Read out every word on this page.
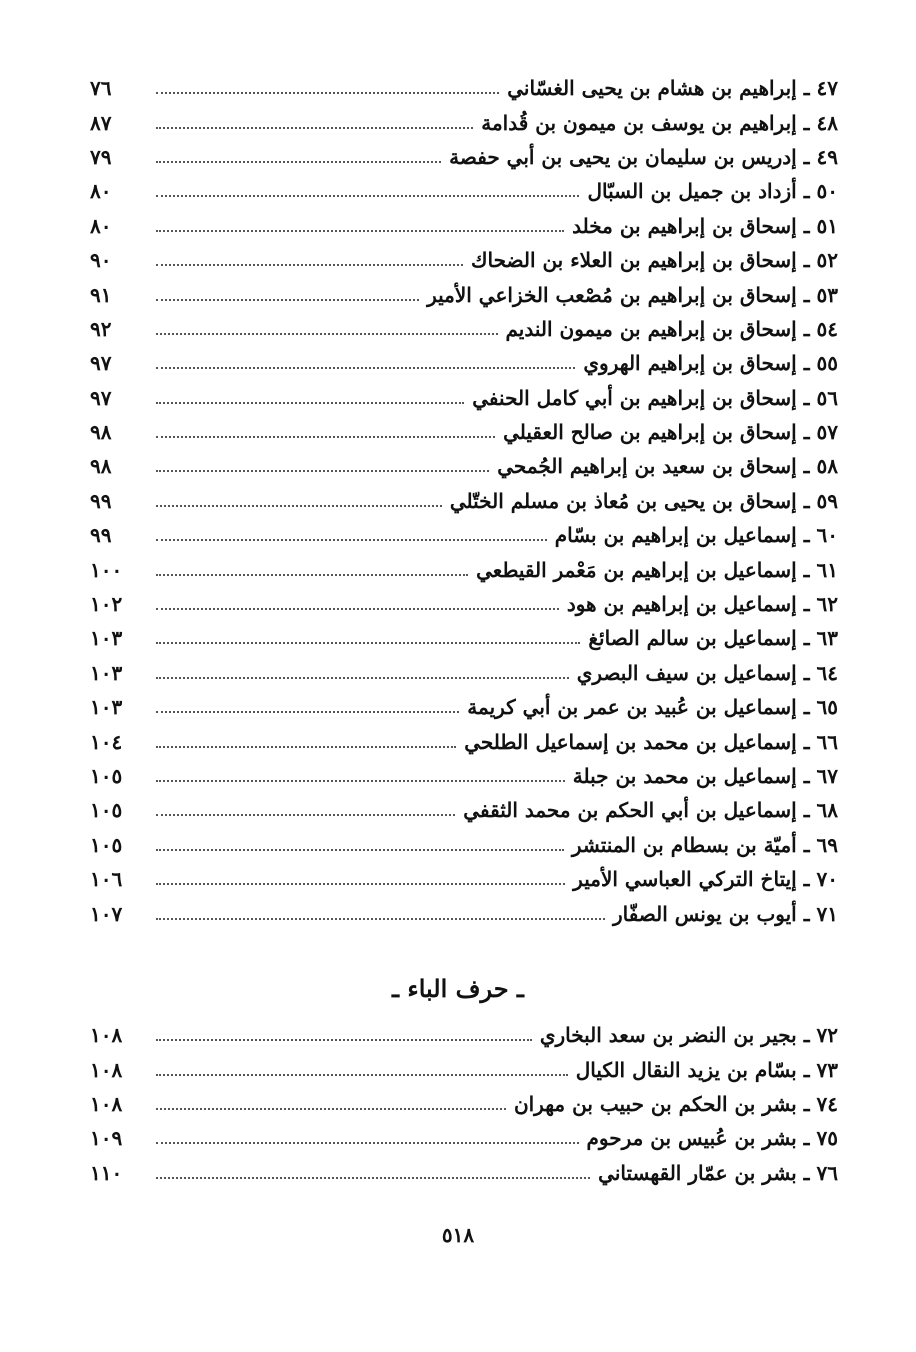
٤٧ ـ إبراهيم بن هشام بن يحيى الغسّاني
٧٦
٤٨ ـ إبراهيم بن يوسف بن ميمون بن قُدامة
٨٧
٤٩ ـ إدريس بن سليمان بن يحيى بن أبي حفصة
٧٩
٥٠ ـ أزداد بن جميل بن السبّال
٨٠
٥١ ـ إسحاق بن إبراهيم بن مخلد
٨٠
٥٢ ـ إسحاق بن إبراهيم بن العلاء بن الضحاك
٩٠
٥٣ ـ إسحاق بن إبراهيم بن مُصْعب الخزاعي الأمير
٩١
٥٤ ـ إسحاق بن إبراهيم بن ميمون النديم
٩٢
٥٥ ـ إسحاق بن إبراهيم الهروي
٩٧
٥٦ ـ إسحاق بن إبراهيم بن أبي كامل الحنفي
٩٧
٥٧ ـ إسحاق بن إبراهيم بن صالح العقيلي
٩٨
٥٨ ـ إسحاق بن سعيد بن إبراهيم الجُمحي
٩٨
٥٩ ـ إسحاق بن يحيى بن مُعاذ بن مسلم الختّلي
٩٩
٦٠ ـ إسماعيل بن إبراهيم بن بسّام
٩٩
٦١ ـ إسماعيل بن إبراهيم بن مَعْمر القيطعي
١٠٠
٦٢ ـ إسماعيل بن إبراهيم بن هود
١٠٢
٦٣ ـ إسماعيل بن سالم الصائغ
١٠٣
٦٤ ـ إسماعيل بن سيف البصري
١٠٣
٦٥ ـ إسماعيل بن عُبيد بن عمر بن أبي كريمة
١٠٣
٦٦ ـ إسماعيل بن محمد بن إسماعيل الطلحي
١٠٤
٦٧ ـ إسماعيل بن محمد بن جبلة
١٠٥
٦٨ ـ إسماعيل بن أبي الحكم بن محمد الثقفي
١٠٥
٦٩ ـ أميّة بن بسطام بن المنتشر
١٠٥
٧٠ ـ إيتاخ التركي العباسي الأمير
١٠٦
٧١ ـ أيوب بن يونس الصفّار
١٠٧
ـ حرف الباء ـ
٧٢ ـ بجير بن النضر بن سعد البخاري
١٠٨
٧٣ ـ بسّام بن يزيد النقال الكيال
١٠٨
٧٤ ـ بشر بن الحكم بن حبيب بن مهران
١٠٨
٧٥ ـ بشر بن عُبيس بن مرحوم
١٠٩
٧٦ ـ بشر بن عمّار القهستاني
١١٠
٥١٨
